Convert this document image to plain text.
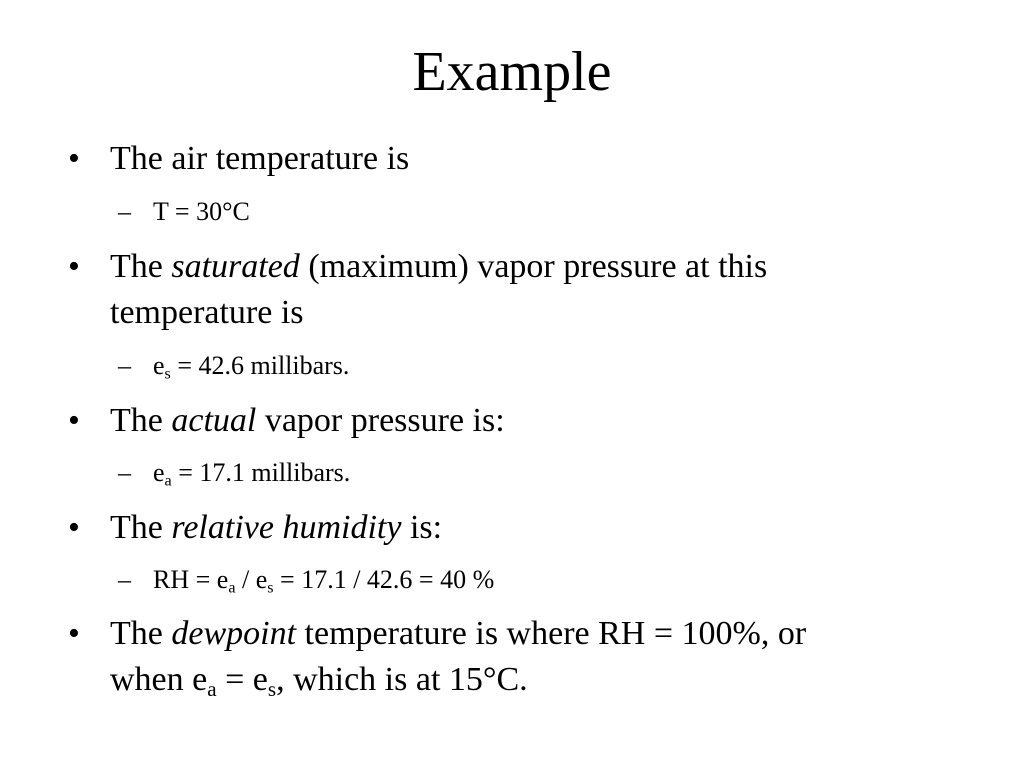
Example
• The air temperature is
– T = 30°C
• The saturated (maximum) vapor pressure at this
temperature is
– $e_s = 42.6$ millibars.
• The actual vapor pressure is:
– $e_a = 17.1$ millibars.
• The relative humidity is:
– RH = $e_a / e_s = 17.1 / 42.6 = 40$ %
• The dewpoint temperature is where RH = 100%, or
when $e_a = e_s$, which is at 15°C.
